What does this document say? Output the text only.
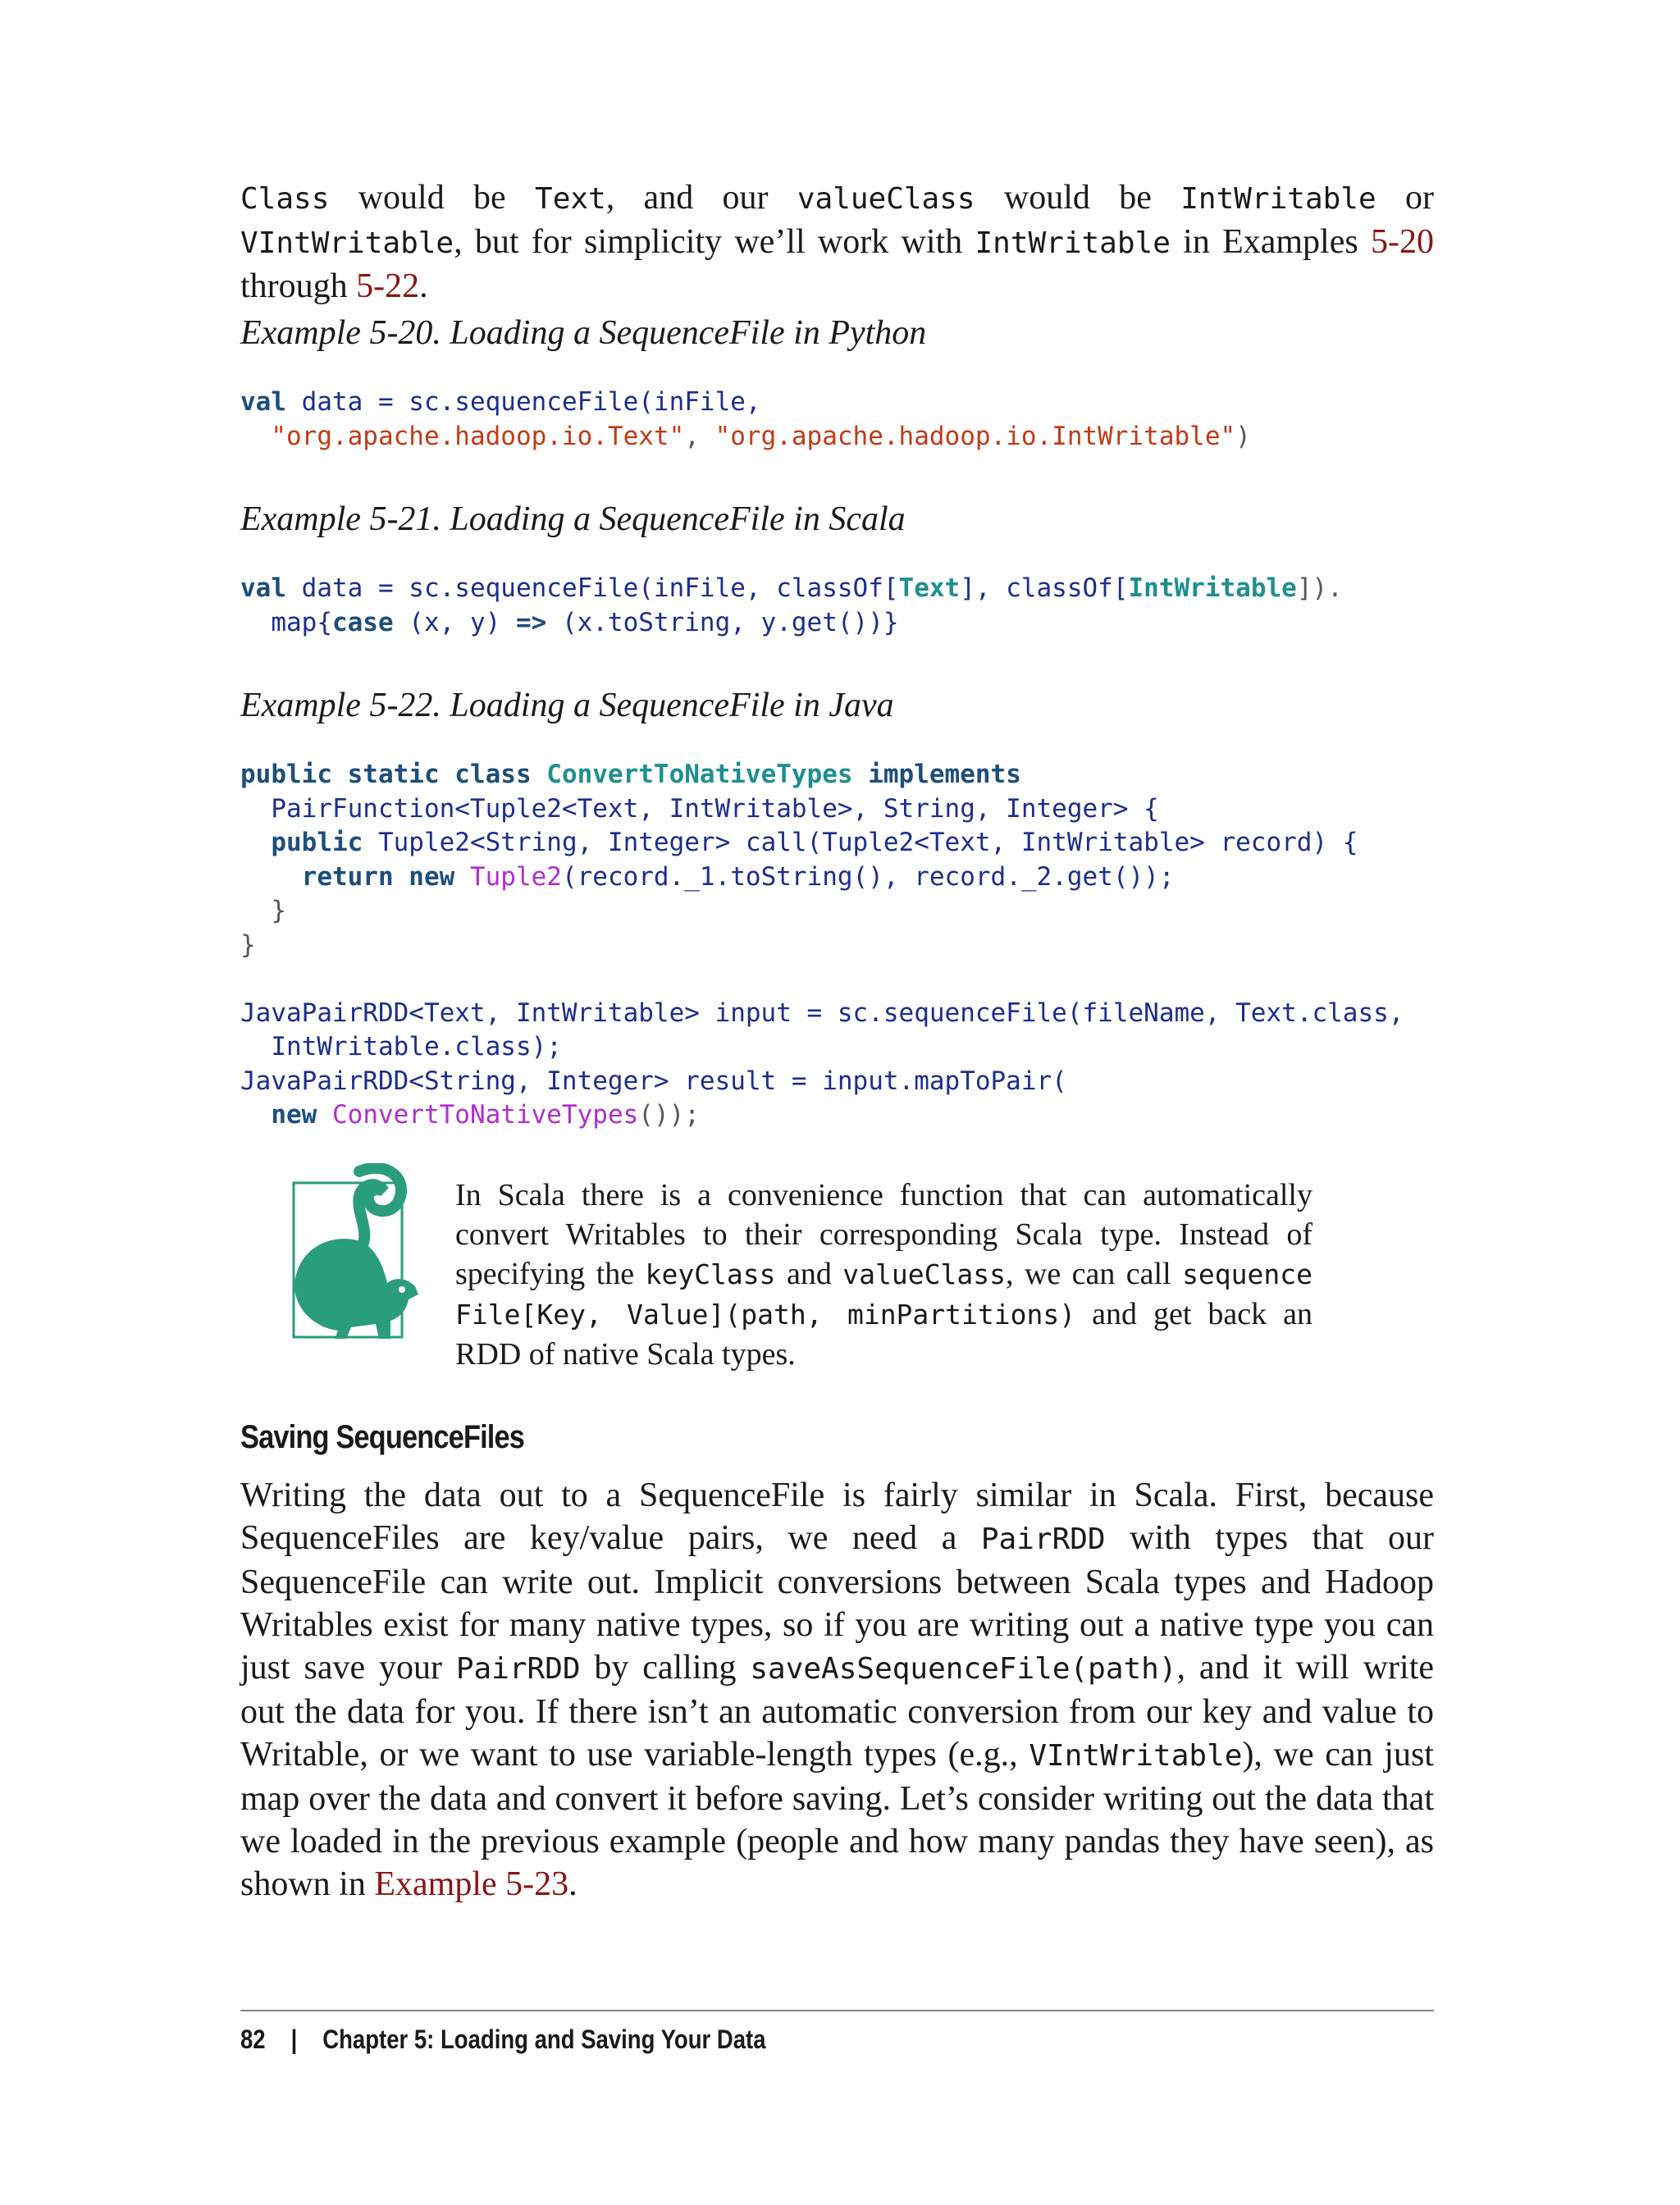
Class would be Text, and our valueClass would be IntWritable or VIntWritable, but for simplicity we’ll work with IntWritable in Examples 5-20 through 5-22.
Example 5-20. Loading a SequenceFile in Python
val data = sc.sequenceFile(inFile,
"org.apache.hadoop.io.Text", "org.apache.hadoop.io.IntWritable")
Example 5-21. Loading a SequenceFile in Scala
val data = sc.sequenceFile(inFile, classOf[Text], classOf[IntWritable]).
map{case (x, y) => (x.toString, y.get())}
Example 5-22. Loading a SequenceFile in Java
public static class ConvertToNativeTypes implements
PairFunction<Tuple2<Text, IntWritable>, String, Integer> {
public Tuple2<String, Integer> call(Tuple2<Text, IntWritable> record) {
return new Tuple2(record._1.toString(), record._2.get());
}
}

JavaPairRDD<Text, IntWritable> input = sc.sequenceFile(fileName, Text.class,
IntWritable.class);
JavaPairRDD<String, Integer> result = input.mapToPair(
new ConvertToNativeTypes());
In Scala there is a convenience function that can automatically convert Writables to their corresponding Scala type. Instead of specifying the keyClass and valueClass, we can call sequence File[Key, Value](path, minPartitions) and get back an RDD of native Scala types.
Saving SequenceFiles
Writing the data out to a SequenceFile is fairly similar in Scala. First, because SequenceFiles are key/value pairs, we need a PairRDD with types that our SequenceFile can write out. Implicit conversions between Scala types and Hadoop Writables exist for many native types, so if you are writing out a native type you can just save your PairRDD by calling saveAsSequenceFile(path), and it will write out the data for you. If there isn’t an automatic conversion from our key and value to Writable, or we want to use variable-length types (e.g., VIntWritable), we can just map over the data and convert it before saving. Let’s consider writing out the data that we loaded in the previous example (people and how many pandas they have seen), as shown in Example 5-23.
82 | Chapter 5: Loading and Saving Your Data
